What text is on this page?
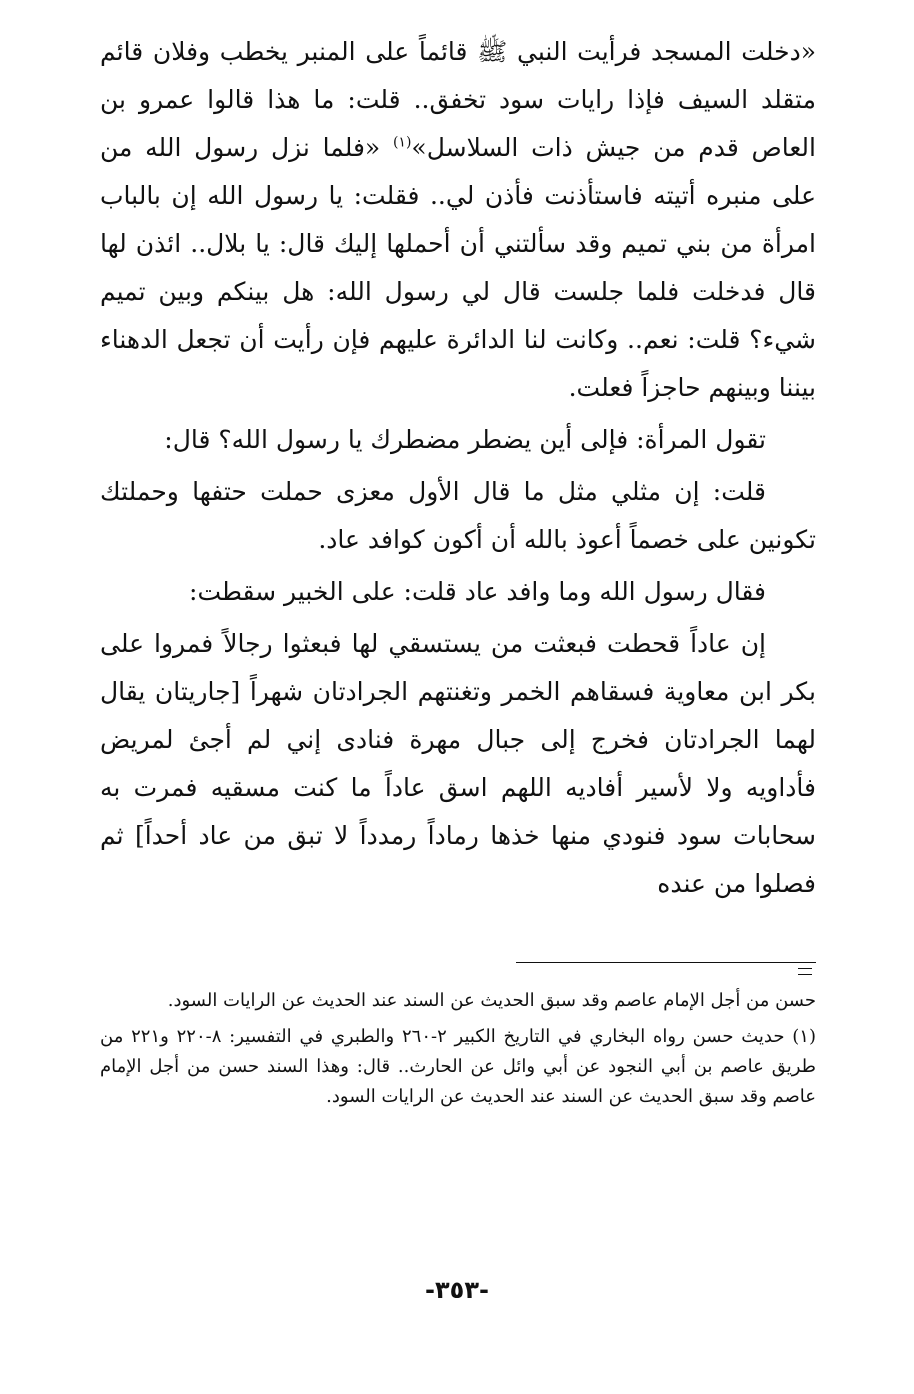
«دخلت المسجد فرأيت النبي ﷺ قائماً على المنبر يخطب وفلان قائم متقلد السيف فإذا رايات سود تخفق.. قلت: ما هذا قالوا عمرو بن العاص قدم من جيش ذات السلاسل»$^{(١)}$ «فلما نزل رسول الله من على منبره أتيته فاستأذنت فأذن لي.. فقلت: يا رسول الله إن بالباب امرأة من بني تميم وقد سألتني أن أحملها إليك قال: يا بلال.. ائذن لها قال فدخلت فلما جلست قال لي رسول الله: هل بينكم وبين تميم شيء؟ قلت: نعم.. وكانت لنا الدائرة عليهم فإن رأيت أن تجعل الدهناء بيننا وبينهم حاجزاً فعلت.

تقول المرأة: فإلى أين يضطر مضطرك يا رسول الله؟ قال:

قلت: إن مثلي مثل ما قال الأول معزى حملت حتفها وحملتك تكونين على خصماً أعوذ بالله أن أكون كوافد عاد.

فقال رسول الله وما وافد عاد قلت: على الخبير سقطت:

إن عاداً قحطت فبعثت من يستسقي لها فبعثوا رجالاً فمروا على بكر ابن معاوية فسقاهم الخمر وتغنتهم الجرادتان شهراً [جاريتان يقال لهما الجرادتان فخرج إلى جبال مهرة فنادى إني لم أجئ لمريض فأداويه ولا لأسير أفاديه اللهم اسق عاداً ما كنت مسقيه فمرت به سحابات سود فنودي منها خذها رماداً رمدداً لا تبق من عاد أحداً] ثم فصلوا من عنده

حسن من أجل الإمام عاصم وقد سبق الحديث عن السند عند الحديث عن الرايات السود.

(١) حديث حسن رواه البخاري في التاريخ الكبير ٢-٢٦٠ والطبري في التفسير: ٨-٢٢٠ و٢٢١ من طريق عاصم بن أبي النجود عن أبي وائل عن الحارث.. قال: وهذا السند حسن من أجل الإمام عاصم وقد سبق الحديث عن السند عند الحديث عن الرايات السود.

-٣٥٣-
